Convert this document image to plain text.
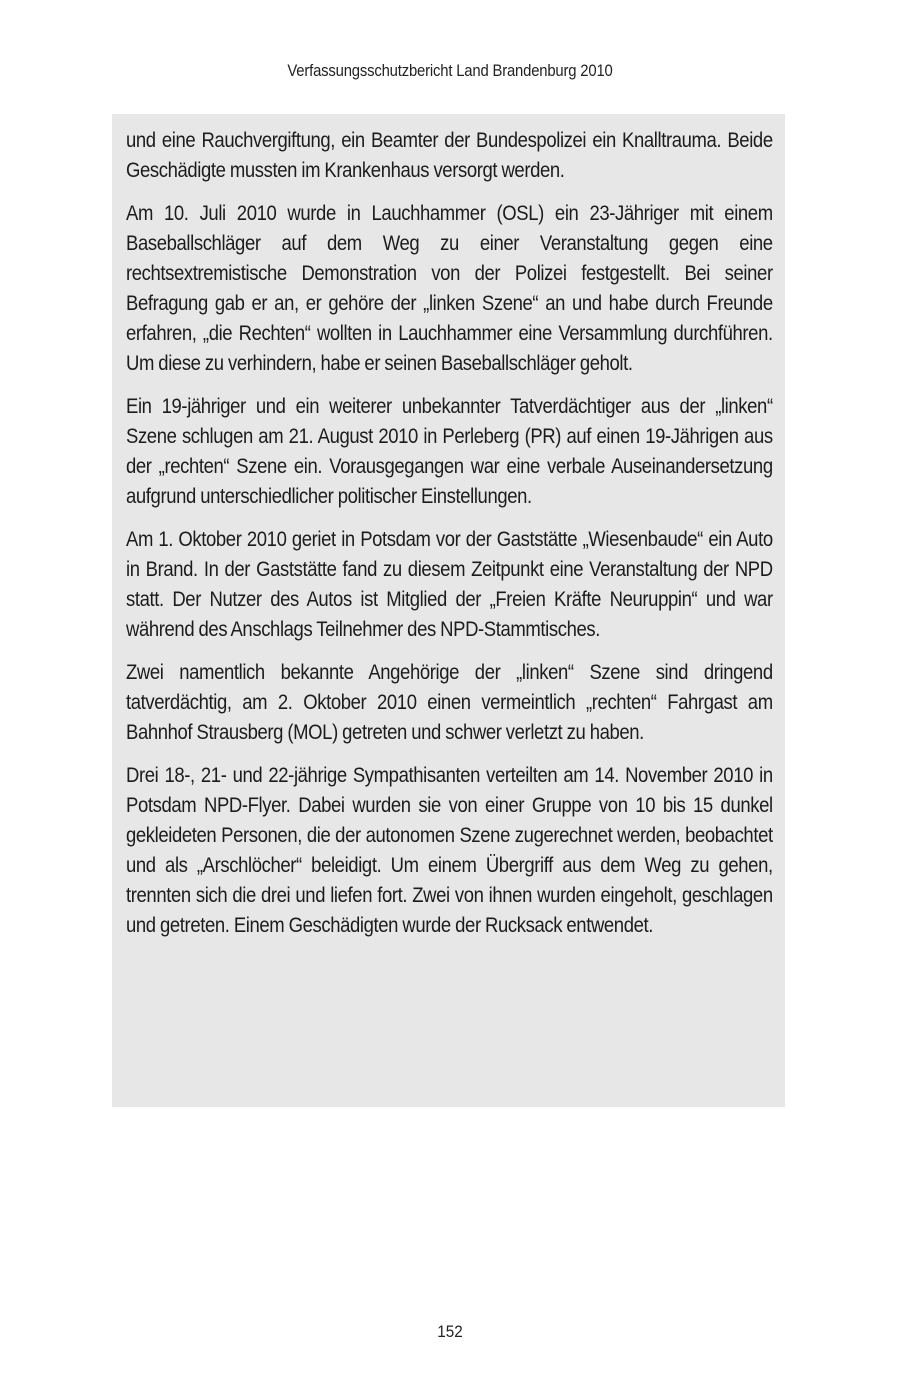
Verfassungsschutzbericht Land Brandenburg 2010

und eine Rauchvergiftung, ein Beamter der Bundespolizei ein Knalltrauma. Beide Geschädigte mussten im Krankenhaus versorgt werden.

Am 10. Juli 2010 wurde in Lauchhammer (OSL) ein 23-Jähriger mit einem Baseballschläger auf dem Weg zu einer Veranstaltung gegen eine rechtsextremistische Demonstration von der Polizei festgestellt. Bei seiner Befragung gab er an, er gehöre der „linken Szene“ an und habe durch Freunde erfahren, „die Rechten“ wollten in Lauchhammer eine Versammlung durchführen. Um diese zu verhindern, habe er seinen Baseballschläger geholt.

Ein 19-jähriger und ein weiterer unbekannter Tatverdächtiger aus der „linken“ Szene schlugen am 21. August 2010 in Perleberg (PR) auf einen 19-Jährigen aus der „rechten“ Szene ein. Vorausgegangen war eine verbale Auseinandersetzung aufgrund unterschiedlicher politischer Einstellungen.

Am 1. Oktober 2010 geriet in Potsdam vor der Gaststätte „Wiesenbaude“ ein Auto in Brand. In der Gaststätte fand zu diesem Zeitpunkt eine Veranstaltung der NPD statt. Der Nutzer des Autos ist Mitglied der „Freien Kräfte Neuruppin“ und war während des Anschlags Teilnehmer des NPD-Stammtisches.

Zwei namentlich bekannte Angehörige der „linken“ Szene sind dringend tatverdächtig, am 2. Oktober 2010 einen vermeintlich „rechten“ Fahrgast am Bahnhof Strausberg (MOL) getreten und schwer verletzt zu haben.

Drei 18-, 21- und 22-jährige Sympathisanten verteilten am 14. November 2010 in Potsdam NPD-Flyer. Dabei wurden sie von einer Gruppe von 10 bis 15 dunkel gekleideten Personen, die der autonomen Szene zugerechnet werden, beobachtet und als „Arschlöcher“ beleidigt. Um einem Übergriff aus dem Weg zu gehen, trennten sich die drei und liefen fort. Zwei von ihnen wurden eingeholt, geschlagen und getreten. Einem Geschädigten wurde der Rucksack entwendet.

152
